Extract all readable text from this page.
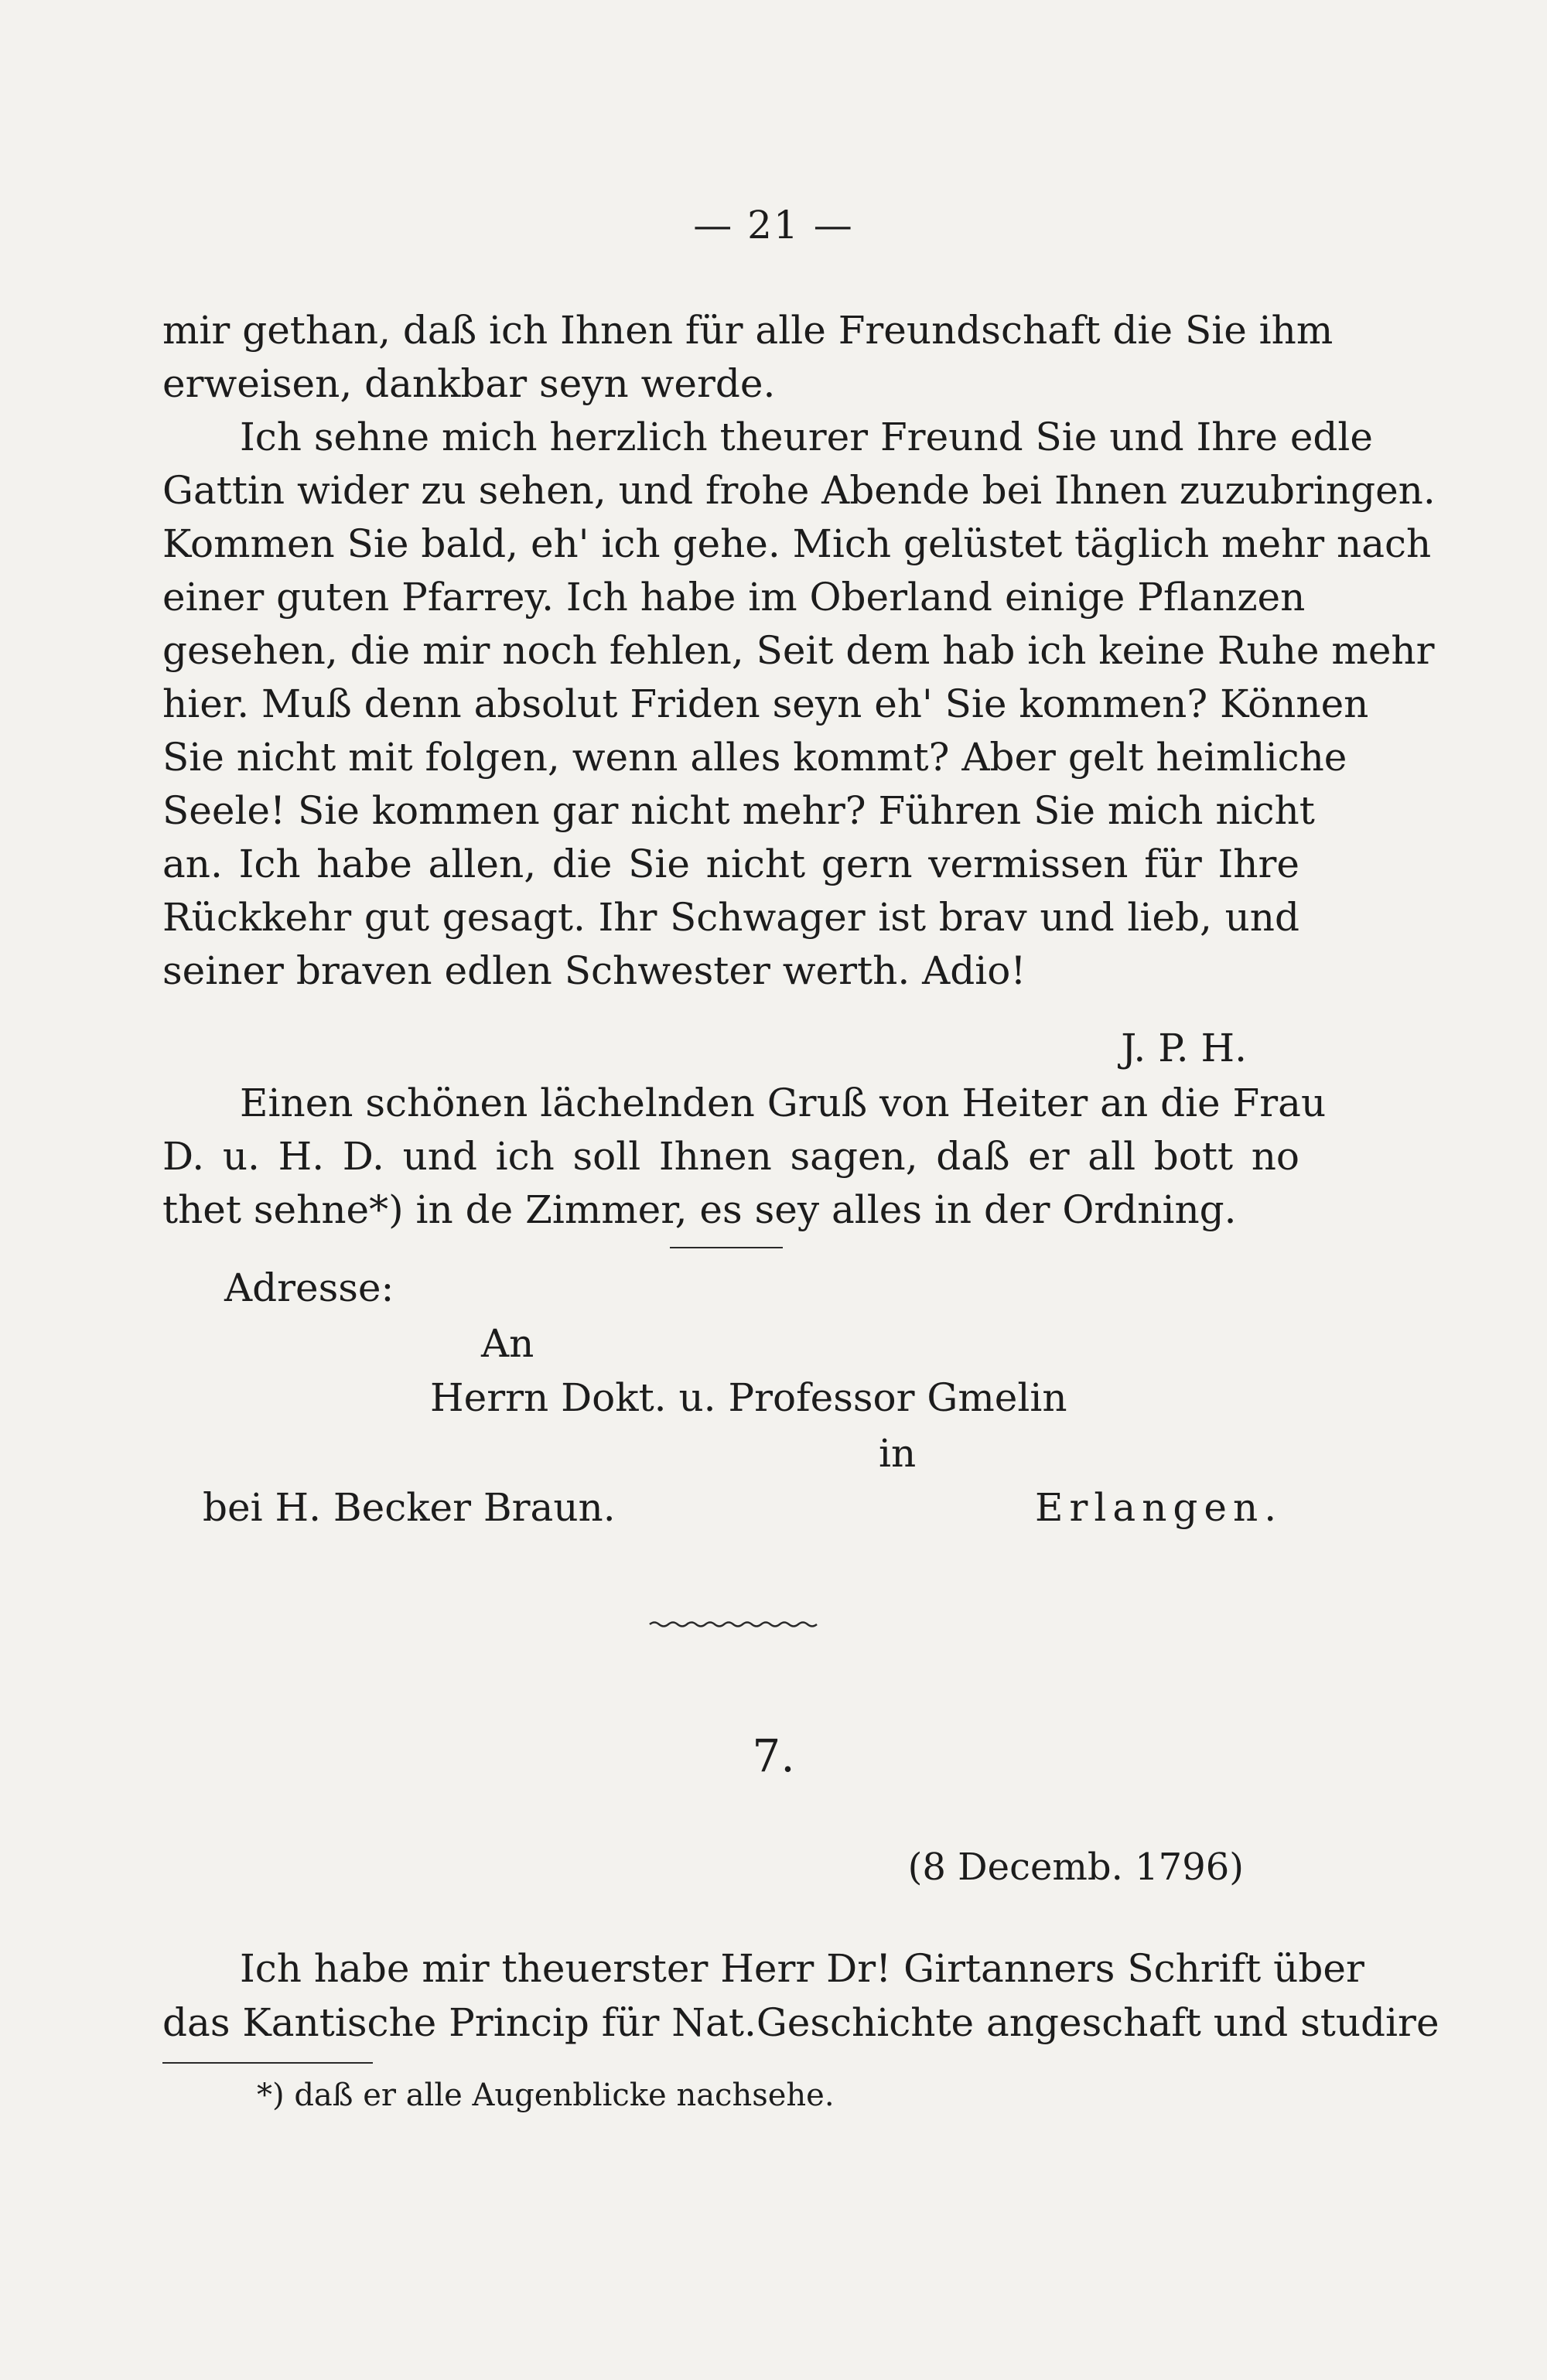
— 21 —
mir gethan, daß ich Ihnen für alle Freundschaft die Sie ihm
erweisen, dankbar seyn werde.
Ich sehne mich herzlich theurer Freund Sie und Ihre edle
Gattin wider zu sehen, und frohe Abende bei Ihnen zuzubringen.
Kommen Sie bald, eh' ich gehe. Mich gelüstet täglich mehr nach
einer guten Pfarrey. Ich habe im Oberland einige Pflanzen
gesehen, die mir noch fehlen, Seit dem hab ich keine Ruhe mehr
hier. Muß denn absolut Friden seyn eh' Sie kommen? Können
Sie nicht mit folgen, wenn alles kommt? Aber gelt heimliche
Seele! Sie kommen gar nicht mehr? Führen Sie mich nicht
an. Ich habe allen, die Sie nicht gern vermissen für Ihre
Rückkehr gut gesagt. Ihr Schwager ist brav und lieb, und
seiner braven edlen Schwester werth. Adio!
J. P. H.
Einen schönen lächelnden Gruß von Heiter an die Frau
D. u. H. D. und ich soll Ihnen sagen, daß er all bott no
thet sehne*) in de Zimmer, es sey alles in der Ordning.
Adresse:
An
Herrn Dokt. u. Professor Gmelin
in
bei H. Becker Braun.	Erlangen.
7.
(8 Decemb. 1796)
Ich habe mir theuerster Herr Dr! Girtanners Schrift über
das Kantische Princip für Nat.Geschichte angeschaft und studire
*) daß er alle Augenblicke nachsehe.
